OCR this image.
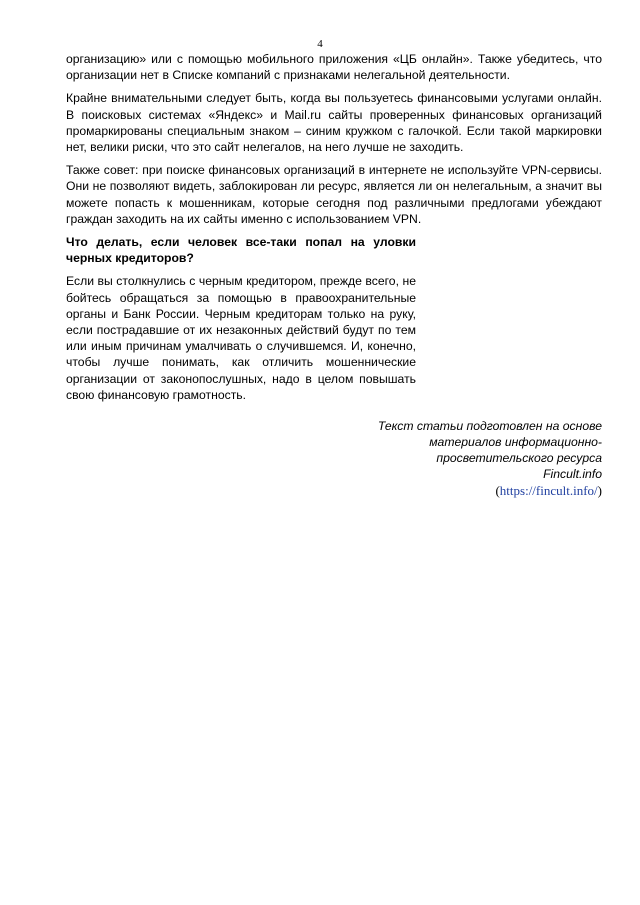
4

организацию» или с помощью мобильного приложения «ЦБ онлайн». Также убедитесь, что организации нет в Списке компаний с признаками нелегальной деятельности.

Крайне внимательными следует быть, когда вы пользуетесь финансовыми услугами онлайн. В поисковых системах «Яндекс» и Mail.ru сайты проверенных финансовых организаций промаркированы специальным знаком – синим кружком с галочкой. Если такой маркировки нет, велики риски, что это сайт нелегалов, на него лучше не заходить.

Также совет: при поиске финансовых организаций в интернете не используйте VPN-сервисы. Они не позволяют видеть, заблокирован ли ресурс, является ли он нелегальным, а значит вы можете попасть к мошенникам, которые сегодня под различными предлогами убеждают граждан заходить на их сайты именно с использованием VPN.

Что делать, если человек все-таки попал на уловки черных кредиторов?

Если вы столкнулись с черным кредитором, прежде всего, не бойтесь обращаться за помощью в правоохранительные органы и Банк России. Черным кредиторам только на руку, если пострадавшие от их незаконных действий будут по тем или иным причинам умалчивать о случившемся. И, конечно, чтобы лучше понимать, как отличить мошеннические организации от законопослушных, надо в целом повышать свою финансовую грамотность.

Текст статьи подготовлен на основе
материалов информационно-
просветительского ресурса
Fincult.info
(https://fincult.info/)
